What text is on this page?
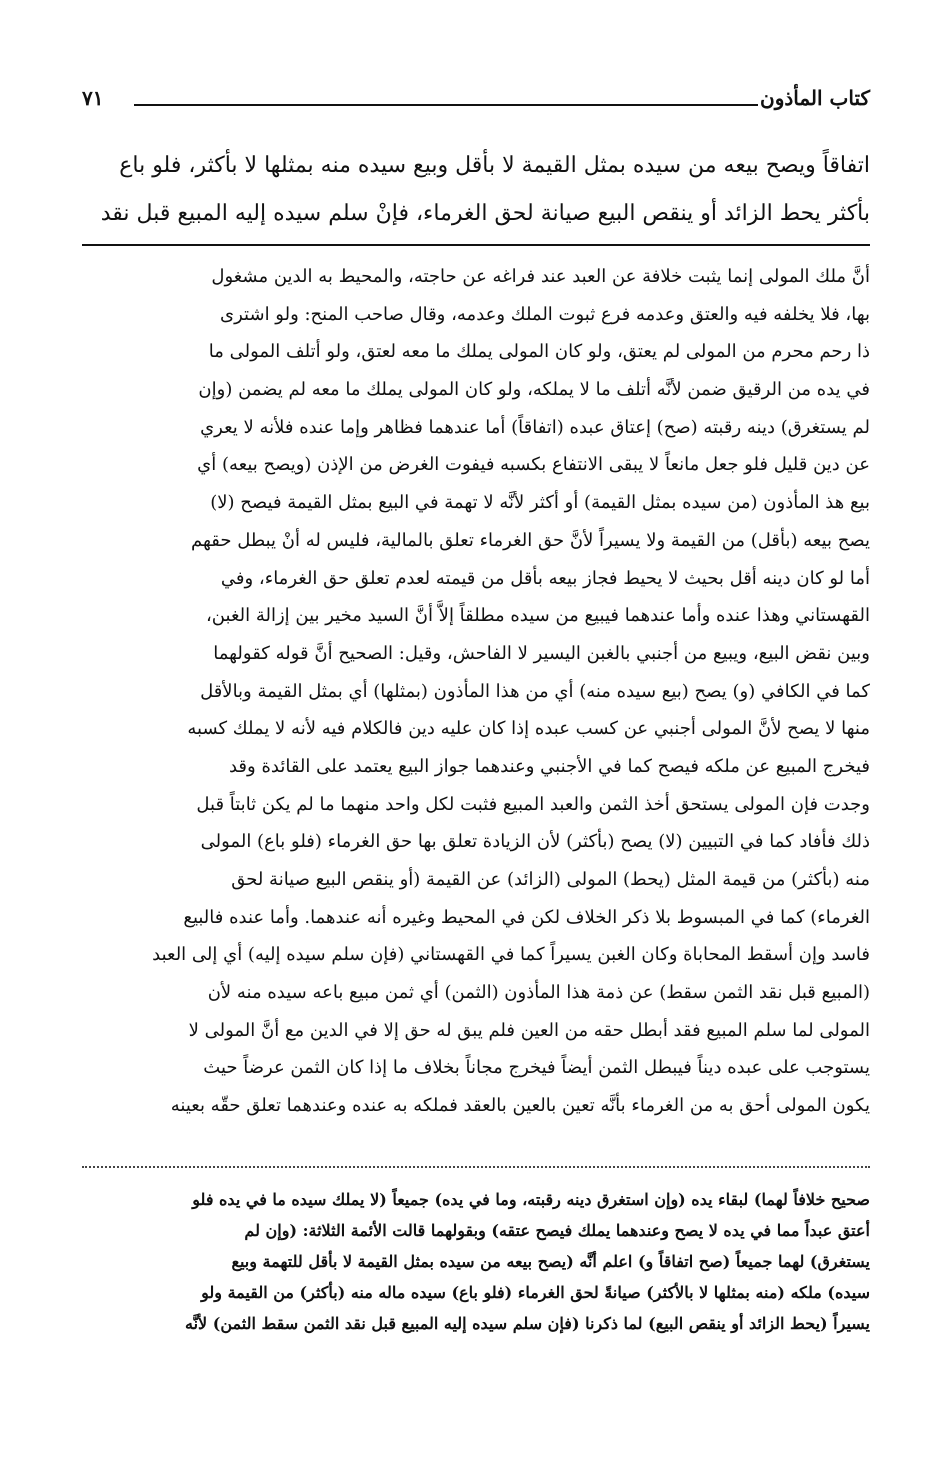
كتاب المأذون
٧١
اتفاقاً ويصح بيعه من سيده بمثل القيمة لا بأقل وبيع سيده منه بمثلها لا بأكثر، فلو باع
بأكثر يحط الزائد أو ينقص البيع صيانة لحق الغرماء، فإنْ سلم سيده إليه المبيع قبل نقد
أنَّ ملك المولى إنما يثبت خلافة عن العبد عند فراغه عن حاجته، والمحيط به الدين مشغول
بها، فلا يخلفه فيه والعتق وعدمه فرع ثبوت الملك وعدمه، وقال صاحب المنح: ولو اشترى
ذا رحم محرم من المولى لم يعتق، ولو كان المولى يملك ما معه لعتق، ولو أتلف المولى ما
في يده من الرقيق ضمن لأنَّه أتلف ما لا يملكه، ولو كان المولى يملك ما معه لم يضمن (وإن
لم يستغرق) دينه رقبته (صح) إعتاق عبده (اتفاقاً) أما عندهما فظاهر وإما عنده فلأنه لا يعري
عن دين قليل فلو جعل مانعاً لا يبقى الانتفاع بكسبه فيفوت الغرض من الإذن (ويصح بيعه) أي
بيع هذ المأذون (من سيده بمثل القيمة) أو أكثر لأنَّه لا تهمة في البيع بمثل القيمة فيصح (لا)
يصح بيعه (بأقل) من القيمة ولا يسيراً لأنَّ حق الغرماء تعلق بالمالية، فليس له أنْ يبطل حقهم
أما لو كان دينه أقل بحيث لا يحيط فجاز بيعه بأقل من قيمته لعدم تعلق حق الغرماء، وفي
القهستاني وهذا عنده وأما عندهما فيبيع من سيده مطلقاً إلاَّ أنَّ السيد مخير بين إزالة الغبن،
وبين نقض البيع، ويبيع من أجنبي بالغبن اليسير لا الفاحش، وقيل: الصحيح أنَّ قوله كقولهما
كما في الكافي (و) يصح (بيع سيده منه) أي من هذا المأذون (بمثلها) أي بمثل القيمة وبالأقل
منها لا يصح لأنَّ المولى أجنبي عن كسب عبده إذا كان عليه دين فالكلام فيه لأنه لا يملك كسبه
فيخرج المبيع عن ملكه فيصح كما في الأجنبي وعندهما جواز البيع يعتمد على القائدة وقد
وجدت فإن المولى يستحق أخذ الثمن والعبد المبيع فثبت لكل واحد منهما ما لم يكن ثابتاً قبل
ذلك فأفاد كما في التبيين (لا) يصح (بأكثر) لأن الزيادة تعلق بها حق الغرماء (فلو باع) المولى
منه (بأكثر) من قيمة المثل (يحط) المولى (الزائد) عن القيمة (أو ينقص البيع صيانة لحق
الغرماء) كما في المبسوط بلا ذكر الخلاف لكن في المحيط وغيره أنه عندهما. وأما عنده فالبيع
فاسد وإن أسقط المحاباة وكان الغبن يسيراً كما في القهستاني (فإن سلم سيده إليه) أي إلى العبد
(المبيع قبل نقد الثمن سقط) عن ذمة هذا المأذون (الثمن) أي ثمن مبيع باعه سيده منه لأن
المولى لما سلم المبيع فقد أبطل حقه من العين فلم يبق له حق إلا في الدين مع أنَّ المولى لا
يستوجب على عبده ديناً فيبطل الثمن أيضاً فيخرج مجاناً بخلاف ما إذا كان الثمن عرضاً حيث
يكون المولى أحق به من الغرماء بأنَّه تعين بالعين بالعقد فملكه به عنده وعندهما تعلق حقّه بعينه
صحيح خلافاً لهما) لبقاء يده (وإن استغرق دينه رقبته، وما في يده) جميعاً (لا يملك سيده ما في يده فلو
أعتق عبداً مما في يده لا يصح وعندهما يملك فيصح عتقه) وبقولهما قالت الأئمة الثلاثة: (وإن لم
يستغرق) لهما جميعاً (صح اتفاقاً و) اعلم أنَّه (يصح بيعه من سيده بمثل القيمة لا بأقل للتهمة وبيع
سيده) ملكه (منه بمثلها لا بالأكثر) صيانةً لحق الغرماء (فلو باع) سيده ماله منه (بأكثر) من القيمة ولو
يسيراً (يحط الزائد أو ينقص البيع) لما ذكرنا (فإن سلم سيده إليه المبيع قبل نقد الثمن سقط الثمن) لأنَّه
